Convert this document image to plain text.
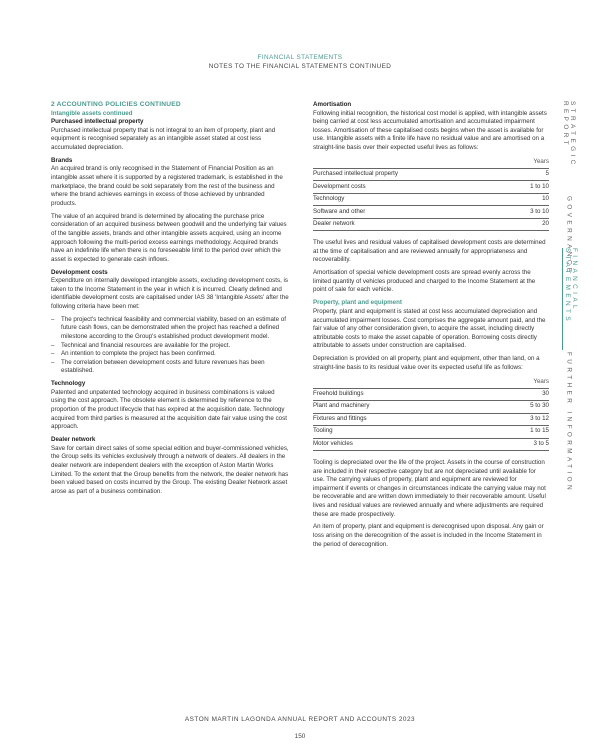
FINANCIAL STATEMENTS
NOTES TO THE FINANCIAL STATEMENTS CONTINUED

2 ACCOUNTING POLICIES CONTINUED

Intangible assets continued

Purchased intellectual property

Purchased intellectual property that is not integral to an item of property, plant and equipment is recognised separately as an intangible asset stated at cost less accumulated depreciation.

Brands

An acquired brand is only recognised in the Statement of Financial Position as an intangible asset where it is supported by a registered trademark, is established in the marketplace, the brand could be sold separately from the rest of the business and where the brand achieves earnings in excess of those achieved by unbranded products.

The value of an acquired brand is determined by allocating the purchase price consideration of an acquired business between goodwill and the underlying fair values of the tangible assets, brands and other intangible assets acquired, using an income approach following the multi-period excess earnings methodology. Acquired brands have an indefinite life when there is no foreseeable limit to the period over which the asset is expected to generate cash inflows.

Development costs

Expenditure on internally developed intangible assets, excluding development costs, is taken to the Income Statement in the year in which it is incurred. Clearly defined and identifiable development costs are capitalised under IAS 38 'Intangible Assets' after the following criteria have been met:

–	The project's technical feasibility and commercial viability, based on an estimate of future cash flows, can be demonstrated when the project has reached a defined milestone according to the Group's established product development model.
–	Technical and financial resources are available for the project.
–	An intention to complete the project has been confirmed.
–	The correlation between development costs and future revenues has been established.

Technology

Patented and unpatented technology acquired in business combinations is valued using the cost approach. The obsolete element is determined by reference to the proportion of the product lifecycle that has expired at the acquisition date. Technology acquired from third parties is measured at the acquisition date fair value using the cost approach.

Dealer network

Save for certain direct sales of some special edition and buyer-commissioned vehicles, the Group sells its vehicles exclusively through a network of dealers. All dealers in the dealer network are independent dealers with the exception of Aston Martin Works Limited. To the extent that the Group benefits from the network, the dealer network has been valued based on costs incurred by the Group. The existing Dealer Network asset arose as part of a business combination.

Amortisation

Following initial recognition, the historical cost model is applied, with intangible assets being carried at cost less accumulated amortisation and accumulated impairment losses. Amortisation of these capitalised costs begins when the asset is available for use. Intangible assets with a finite life have no residual value and are amortised on a straight-line basis over their expected useful lives as follows:

	Years
Purchased intellectual property	5
Development costs	1 to 10
Technology	10
Software and other	3 to 10
Dealer network	20

The useful lives and residual values of capitalised development costs are determined at the time of capitalisation and are reviewed annually for appropriateness and recoverability.

Amortisation of special vehicle development costs are spread evenly across the limited quantity of vehicles produced and charged to the Income Statement at the point of sale for each vehicle.

Property, plant and equipment

Property, plant and equipment is stated at cost less accumulated depreciation and accumulated impairment losses. Cost comprises the aggregate amount paid, and the fair value of any other consideration given, to acquire the asset, including directly attributable costs to make the asset capable of operation. Borrowing costs directly attributable to assets under construction are capitalised.

Depreciation is provided on all property, plant and equipment, other than land, on a straight-line basis to its residual value over its expected useful life as follows:

	Years
Freehold buildings	30
Plant and machinery	5 to 30
Fixtures and fittings	3 to 12
Tooling	1 to 15
Motor vehicles	3 to 5

Tooling is depreciated over the life of the project. Assets in the course of construction are included in their respective category but are not depreciated until available for use. The carrying values of property, plant and equipment are reviewed for impairment if events or changes in circumstances indicate the carrying value may not be recoverable and are written down immediately to their recoverable amount. Useful lives and residual values are reviewed annually and where adjustments are required these are made prospectively.

An item of property, plant and equipment is derecognised upon disposal. Any gain or loss arising on the derecognition of the asset is included in the Income Statement in the period of derecognition.

STRATEGIC REPORT
GOVERNANCE
FINANCIAL STATEMENTS
FURTHER INFORMATION
ASTON MARTIN LAGONDA ANNUAL REPORT AND ACCOUNTS 2023
150
